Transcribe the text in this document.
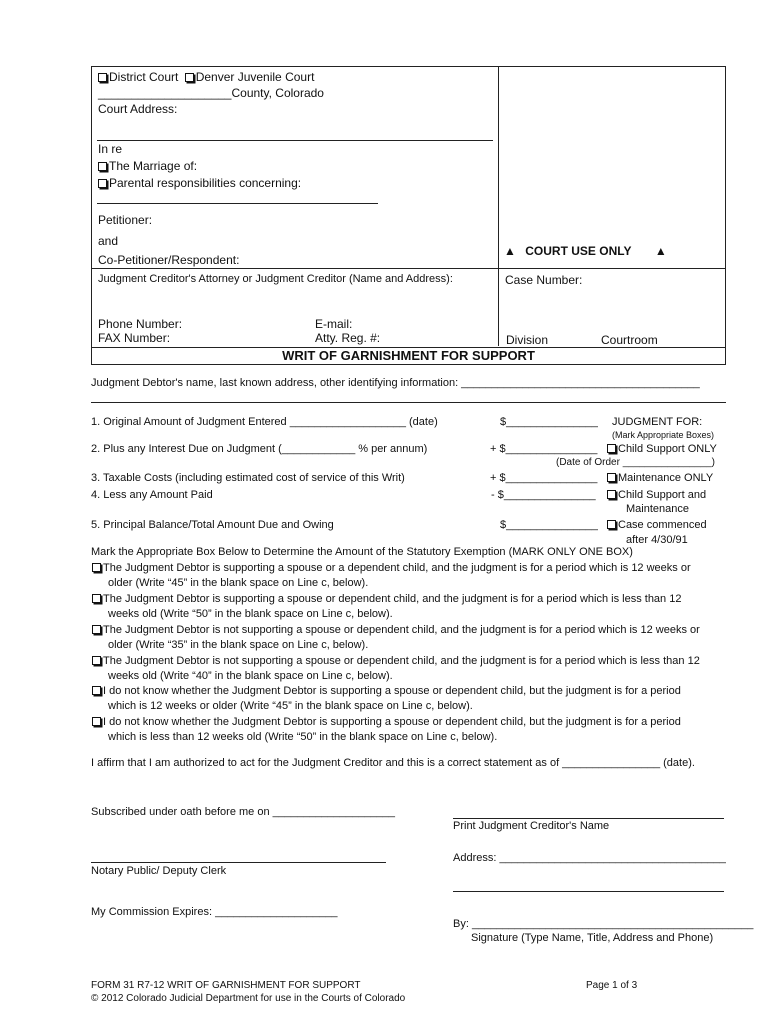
District Court Denver Juvenile Court
____________________County, Colorado
Court Address:
In re
The Marriage of:
Parental responsibilities concerning:
Petitioner:
and
Co-Petitioner/Respondent:
▲ COURT USE ONLY ▲
Judgment Creditor's Attorney or Judgment Creditor (Name and Address):	Case Number:
Phone Number:	E-mail:
FAX Number:	Atty. Reg. #:	Division	Courtroom
WRIT OF GARNISHMENT FOR SUPPORT
Judgment Debtor's name, last known address, other identifying information: _______________________________________
1. Original Amount of Judgment Entered ___________________ (date)	$_______________
2. Plus any Interest Due on Judgment (____________ % per annum)	+ $_______________
3. Taxable Costs (including estimated cost of service of this Writ)	+ $_______________
4. Less any Amount Paid	- $_______________
5. Principal Balance/Total Amount Due and Owing	$_______________
JUDGMENT FOR:
(Mark Appropriate Boxes)
Child Support ONLY
(Date of Order ________________)
Maintenance ONLY
Child Support and
Maintenance
Case commenced
after 4/30/91
Mark the Appropriate Box Below to Determine the Amount of the Statutory Exemption (MARK ONLY ONE BOX)
The Judgment Debtor is supporting a spouse or a dependent child, and the judgment is for a period which is 12 weeks or
older (Write “45” in the blank space on Line c, below).
The Judgment Debtor is supporting a spouse or dependent child, and the judgment is for a period which is less than 12
weeks old (Write “50” in the blank space on Line c, below).
The Judgment Debtor is not supporting a spouse or dependent child, and the judgment is for a period which is 12 weeks or
older (Write “35” in the blank space on Line c, below).
The Judgment Debtor is not supporting a spouse or dependent child, and the judgment is for a period which is less than 12
weeks old (Write “40” in the blank space on Line c, below).
I do not know whether the Judgment Debtor is supporting a spouse or dependent child, but the judgment is for a period
which is 12 weeks or older (Write “45” in the blank space on Line c, below).
I do not know whether the Judgment Debtor is supporting a spouse or dependent child, but the judgment is for a period
which is less than 12 weeks old (Write “50” in the blank space on Line c, below).
I affirm that I am authorized to act for the Judgment Creditor and this is a correct statement as of ________________ (date).
Subscribed under oath before me on ____________________
Print Judgment Creditor's Name
Address: _____________________________________
Notary Public/ Deputy Clerk
My Commission Expires: ____________________
By: ______________________________________________
Signature (Type Name, Title, Address and Phone)
FORM 31 R7-12 WRIT OF GARNISHMENT FOR SUPPORT	Page 1 of 3
© 2012 Colorado Judicial Department for use in the Courts of Colorado
